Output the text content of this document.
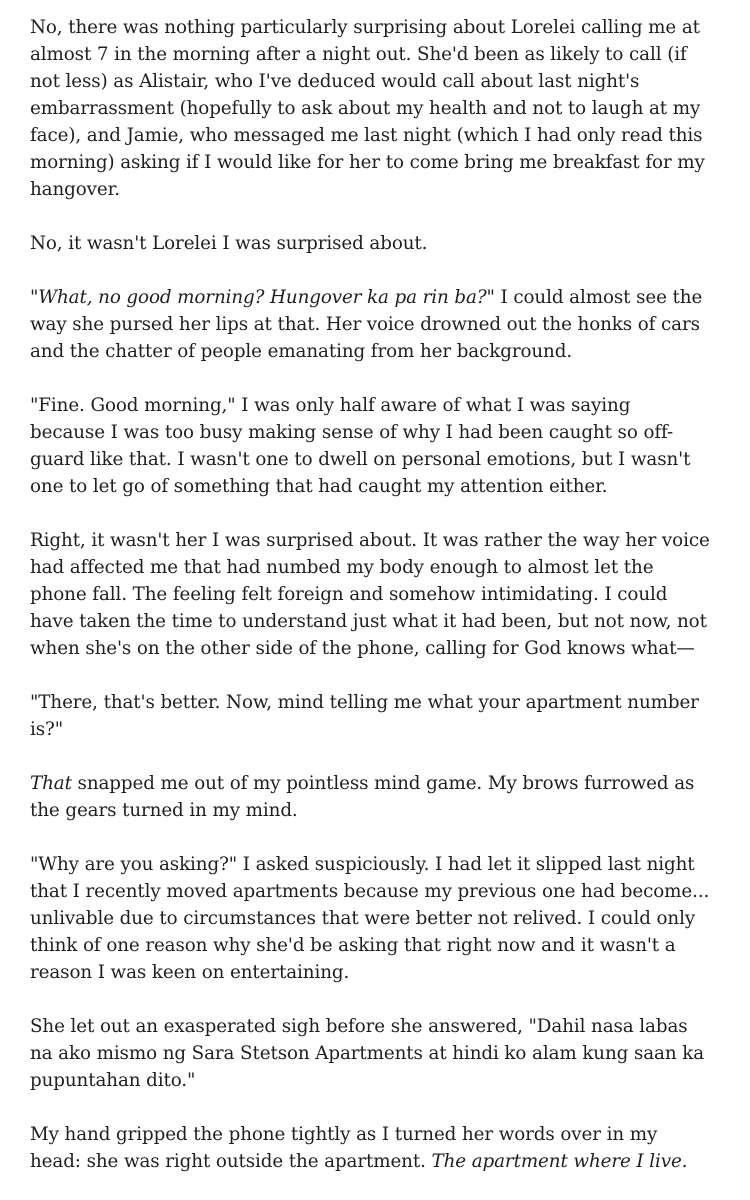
No, there was nothing particularly surprising about Lorelei calling me at almost 7 in the morning after a night out. She'd been as likely to call (if not less) as Alistair, who I've deduced would call about last night's embarrassment (hopefully to ask about my health and not to laugh at my face), and Jamie, who messaged me last night (which I had only read this morning) asking if I would like for her to come bring me breakfast for my hangover.

No, it wasn't Lorelei I was surprised about.

"What, no good morning? Hungover ka pa rin ba?" I could almost see the way she pursed her lips at that. Her voice drowned out the honks of cars and the chatter of people emanating from her background.

"Fine. Good morning," I was only half aware of what I was saying because I was too busy making sense of why I had been caught so off-guard like that. I wasn't one to dwell on personal emotions, but I wasn't one to let go of something that had caught my attention either.

Right, it wasn't her I was surprised about. It was rather the way her voice had affected me that had numbed my body enough to almost let the phone fall. The feeling felt foreign and somehow intimidating. I could have taken the time to understand just what it had been, but not now, not when she's on the other side of the phone, calling for God knows what—

"There, that's better. Now, mind telling me what your apartment number is?"

That snapped me out of my pointless mind game. My brows furrowed as the gears turned in my mind.

"Why are you asking?" I asked suspiciously. I had let it slipped last night that I recently moved apartments because my previous one had become... unlivable due to circumstances that were better not relived. I could only think of one reason why she'd be asking that right now and it wasn't a reason I was keen on entertaining.

She let out an exasperated sigh before she answered, "Dahil nasa labas na ako mismo ng Sara Stetson Apartments at hindi ko alam kung saan ka pupuntahan dito."

My hand gripped the phone tightly as I turned her words over in my head: she was right outside the apartment. The apartment where I live.
